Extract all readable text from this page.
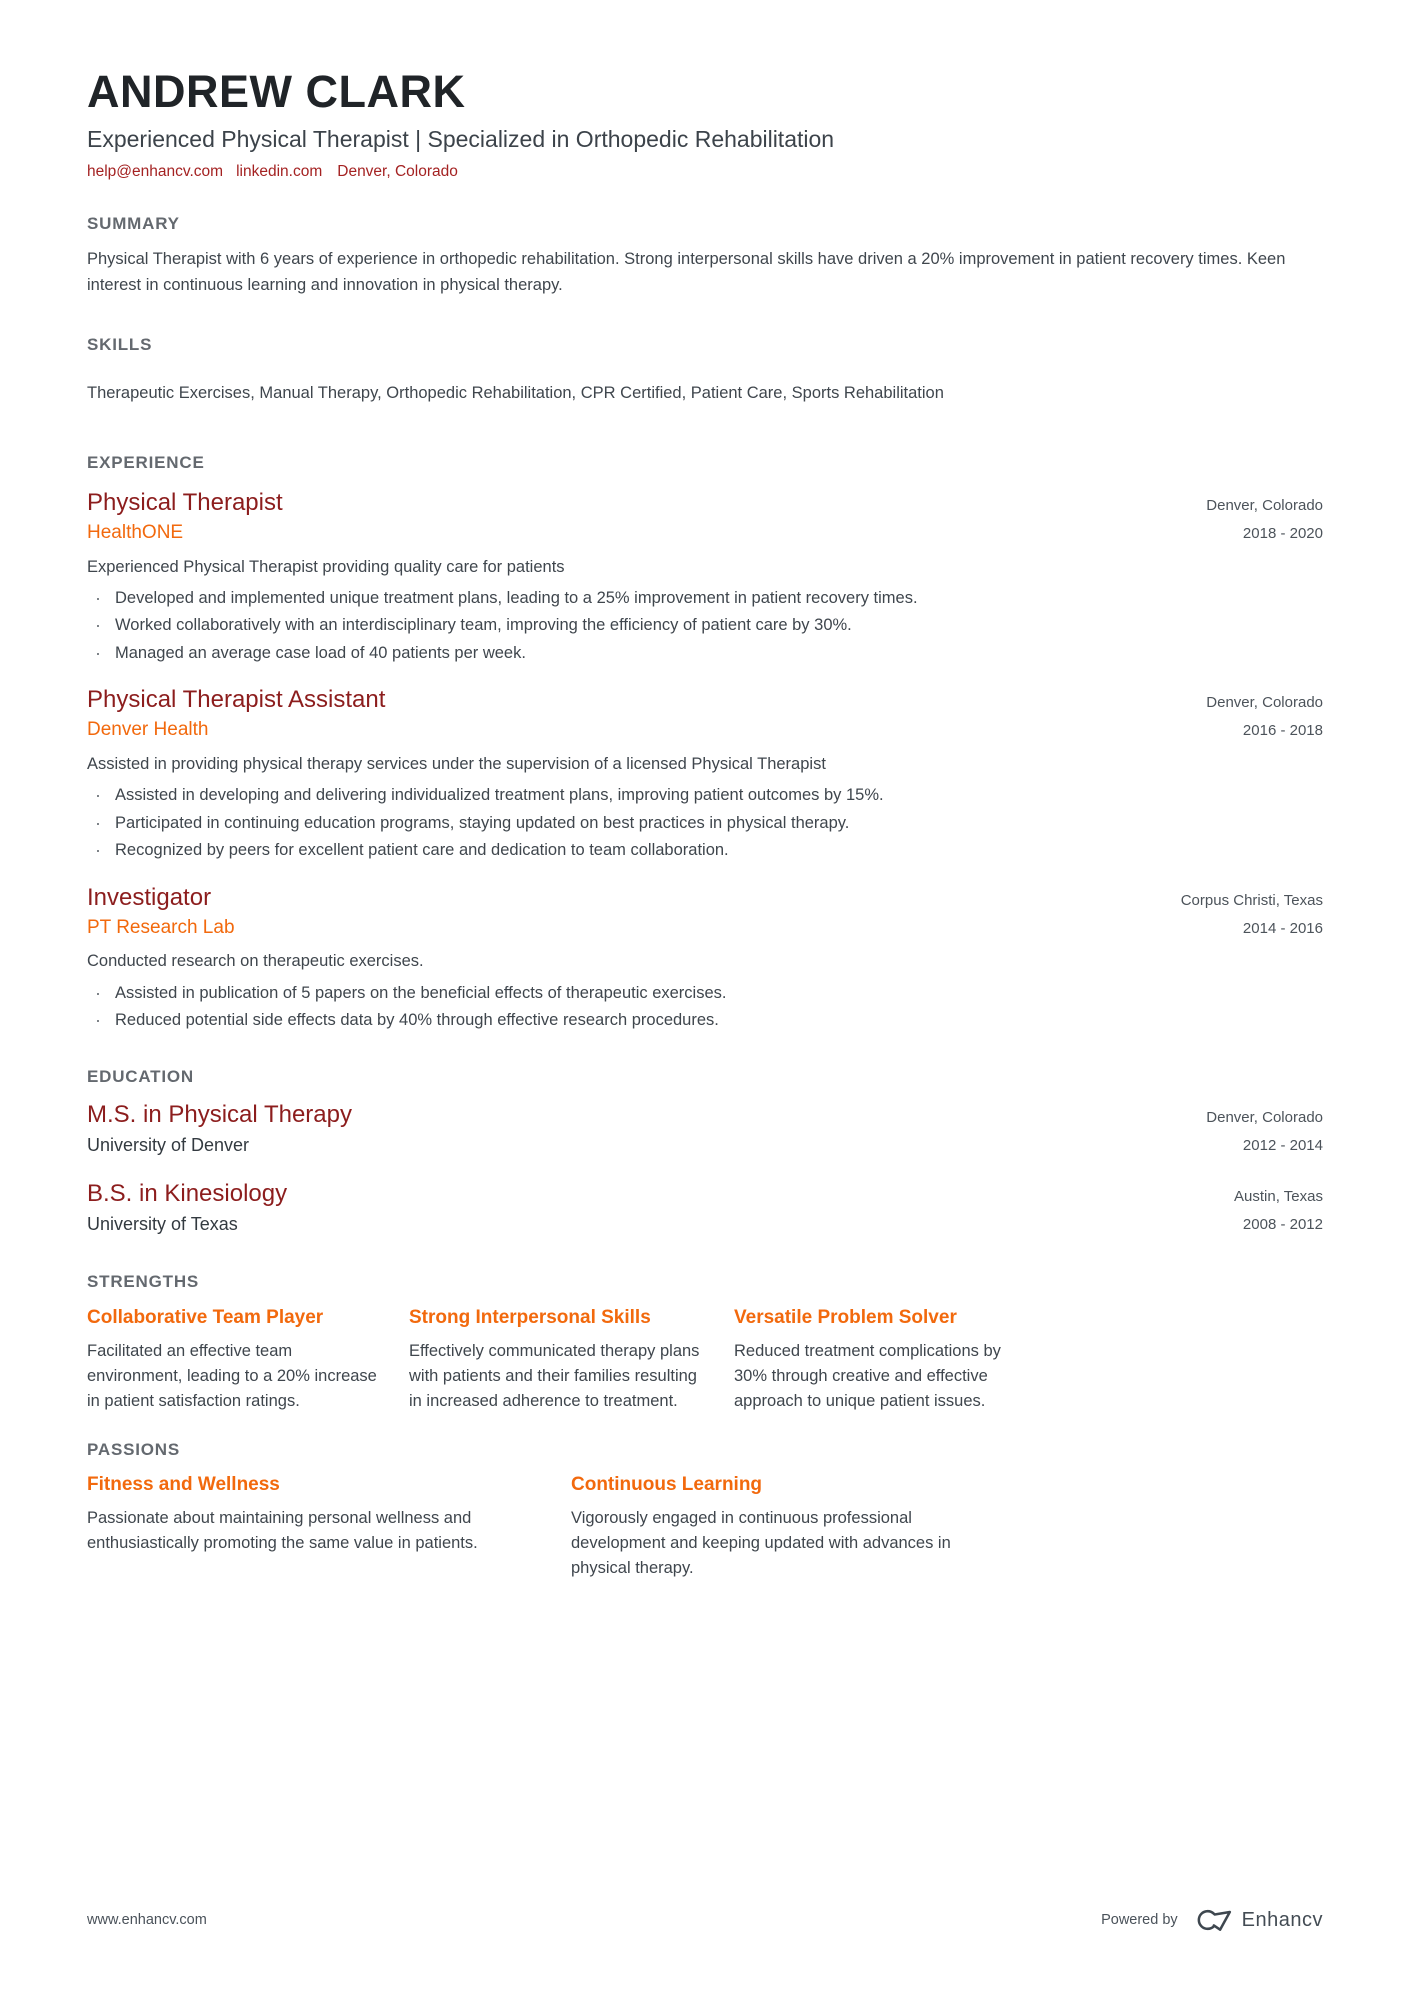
ANDREW CLARK
Experienced Physical Therapist | Specialized in Orthopedic Rehabilitation
help@enhancv.com linkedin.com Denver, Colorado
SUMMARY

Physical Therapist with 6 years of experience in orthopedic rehabilitation. Strong interpersonal skills have driven a 20% improvement in patient recovery times. Keen interest in continuous learning and innovation in physical therapy.

SKILLS

Therapeutic Exercises, Manual Therapy, Orthopedic Rehabilitation, CPR Certified, Patient Care, Sports Rehabilitation

EXPERIENCE
Physical Therapist	Denver, Colorado
HealthONE	2018 - 2020
Experienced Physical Therapist providing quality care for patients
· Developed and implemented unique treatment plans, leading to a 25% improvement in patient recovery times.
· Worked collaboratively with an interdisciplinary team, improving the efficiency of patient care by 30%.
· Managed an average case load of 40 patients per week.
Physical Therapist Assistant	Denver, Colorado
Denver Health	2016 - 2018
Assisted in providing physical therapy services under the supervision of a licensed Physical Therapist
· Assisted in developing and delivering individualized treatment plans, improving patient outcomes by 15%.
· Participated in continuing education programs, staying updated on best practices in physical therapy.
· Recognized by peers for excellent patient care and dedication to team collaboration.
Investigator	Corpus Christi, Texas
PT Research Lab	2014 - 2016
Conducted research on therapeutic exercises.
· Assisted in publication of 5 papers on the beneficial effects of therapeutic exercises.
· Reduced potential side effects data by 40% through effective research procedures.
EDUCATION
M.S. in Physical Therapy
University of Denver
Denver, Colorado
2012 - 2014
B.S. in Kinesiology
University of Texas
Austin, Texas
2008 - 2012
STRENGTHS
Collaborative Team Player
Facilitated an effective team environment, leading to a 20% increase in patient satisfaction ratings.
Strong Interpersonal Skills
Effectively communicated therapy plans with patients and their families resulting in increased adherence to treatment.
Versatile Problem Solver
Reduced treatment complications by 30% through creative and effective approach to unique patient issues.
PASSIONS
Fitness and Wellness
Passionate about maintaining personal wellness and enthusiastically promoting the same value in patients.
Continuous Learning
Vigorously engaged in continuous professional development and keeping updated with advances in physical therapy.
www.enhancv.com	Powered by	Enhancv
